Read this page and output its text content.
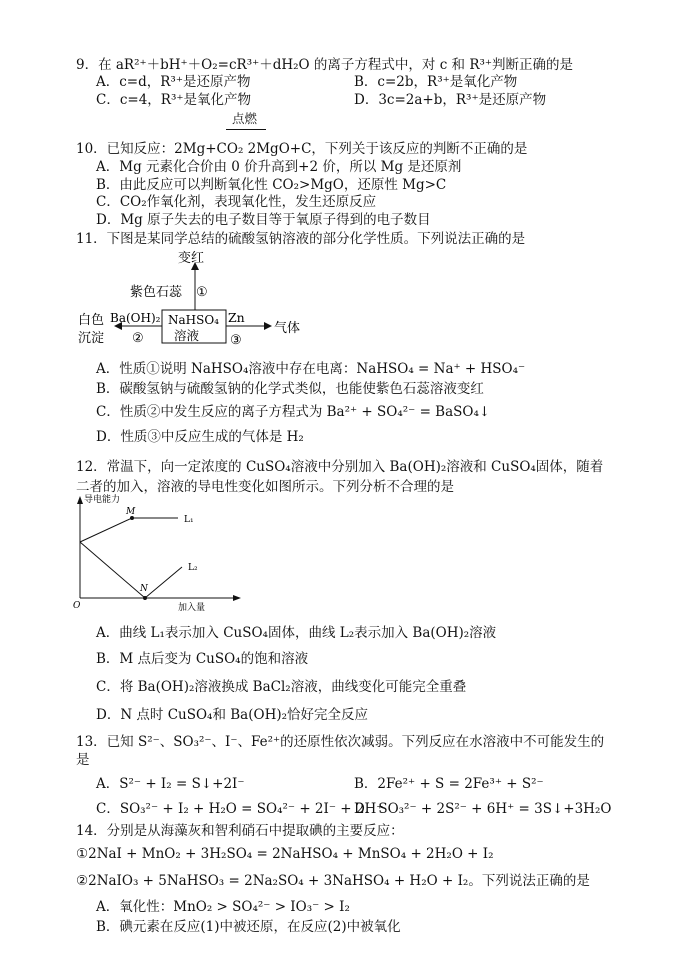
9．在 aR²⁺＋bH⁺＋O₂=cR³⁺＋dH₂O 的离子方程式中，对 c 和 R³⁺判断正确的是
A．c=d，R³⁺是还原产物	B．c=2b，R³⁺是氧化产物
C．c=4，R³⁺是氧化产物	D．3c=2a+b，R³⁺是还原产物
点燃
10．已知反应：2Mg+CO₂ 2MgO+C，下列关于该反应的判断不正确的是
A．Mg 元素化合价由 0 价升高到+2 价，所以 Mg 是还原剂
B．由此反应可以判断氧化性 CO₂>MgO，还原性 Mg>C
C．CO₂作氧化剂，表现氧化性，发生还原反应
D．Mg 原子失去的电子数目等于氧原子得到的电子数目
11．下图是某同学总结的硫酸氢钠溶液的部分化学性质。下列说法正确的是
变红
紫色石蕊 ①
NaHSO₄
溶液
白色
沉淀
Ba(OH)₂
②
Zn
③
气体
A．性质①说明 NaHSO₄溶液中存在电离：NaHSO₄ = Na⁺ + HSO₄⁻
B．碳酸氢钠与硫酸氢钠的化学式类似，也能使紫色石蕊溶液变红
C．性质②中发生反应的离子方程式为 Ba²⁺ + SO₄²⁻ = BaSO₄↓
D．性质③中反应生成的气体是 H₂
12．常温下，向一定浓度的 CuSO₄溶液中分别加入 Ba(OH)₂溶液和 CuSO₄固体，随着
二者的加入，溶液的导电性变化如图所示。下列分析不合理的是
导电能力
加入量
O
M
N
L₁
L₂
A．曲线 L₁表示加入 CuSO₄固体，曲线 L₂表示加入 Ba(OH)₂溶液
B．M 点后变为 CuSO₄的饱和溶液
C．将 Ba(OH)₂溶液换成 BaCl₂溶液，曲线变化可能完全重叠
D．N 点时 CuSO₄和 Ba(OH)₂恰好完全反应
13．已知 S²⁻、SO₃²⁻、I⁻、Fe²⁺的还原性依次减弱。下列反应在水溶液中不可能发生的
是
A．S²⁻ + I₂ = S↓+2I⁻	B．2Fe²⁺ + S = 2Fe³⁺ + S²⁻
C．SO₃²⁻ + I₂ + H₂O = SO₄²⁻ + 2I⁻ + 2H⁺
D．SO₃²⁻ + 2S²⁻ + 6H⁺ = 3S↓+3H₂O
14．分别是从海藻灰和智利硝石中提取碘的主要反应：
①2NaI + MnO₂ + 3H₂SO₄ = 2NaHSO₄ + MnSO₄ + 2H₂O + I₂
②2NaIO₃ + 5NaHSO₃ = 2Na₂SO₄ + 3NaHSO₄ + H₂O + I₂。下列说法正确的是
A．氧化性：MnO₂ > SO₄²⁻ > IO₃⁻ > I₂
B．碘元素在反应(1)中被还原，在反应(2)中被氧化
